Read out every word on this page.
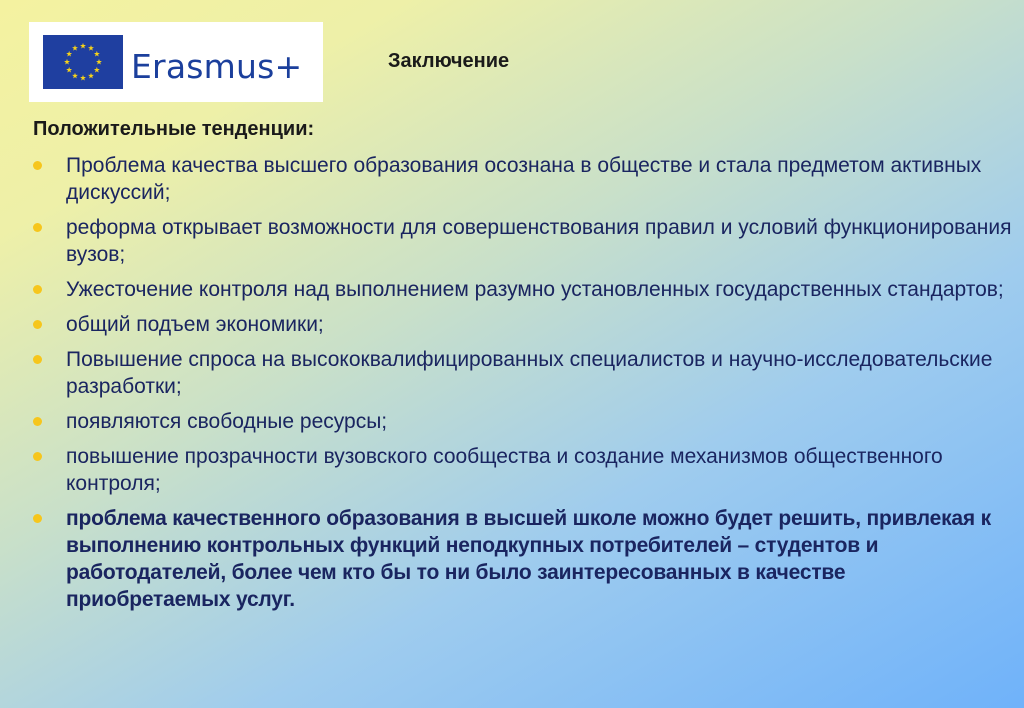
Erasmus+	Заключение
Положительные тенденции:
Проблема качества высшего образования осознана в обществе и стала предметом активных дискуссий;
реформа открывает возможности для совершенствования правил и условий функционирования вузов;
Ужесточение контроля над выполнением разумно установленных государственных стандартов;
общий подъем экономики;
Повышение спроса на высококвалифицированных специалистов и научно-исследовательские разработки;
появляются свободные ресурсы;
повышение прозрачности вузовского сообщества и создание механизмов общественного контроля;
проблема качественного образования в высшей школе можно будет решить, привлекая к выполнению контрольных функций неподкупных потребителей – студентов и работодателей, более чем кто бы то ни было заинтересованных в качестве приобретаемых услуг.
